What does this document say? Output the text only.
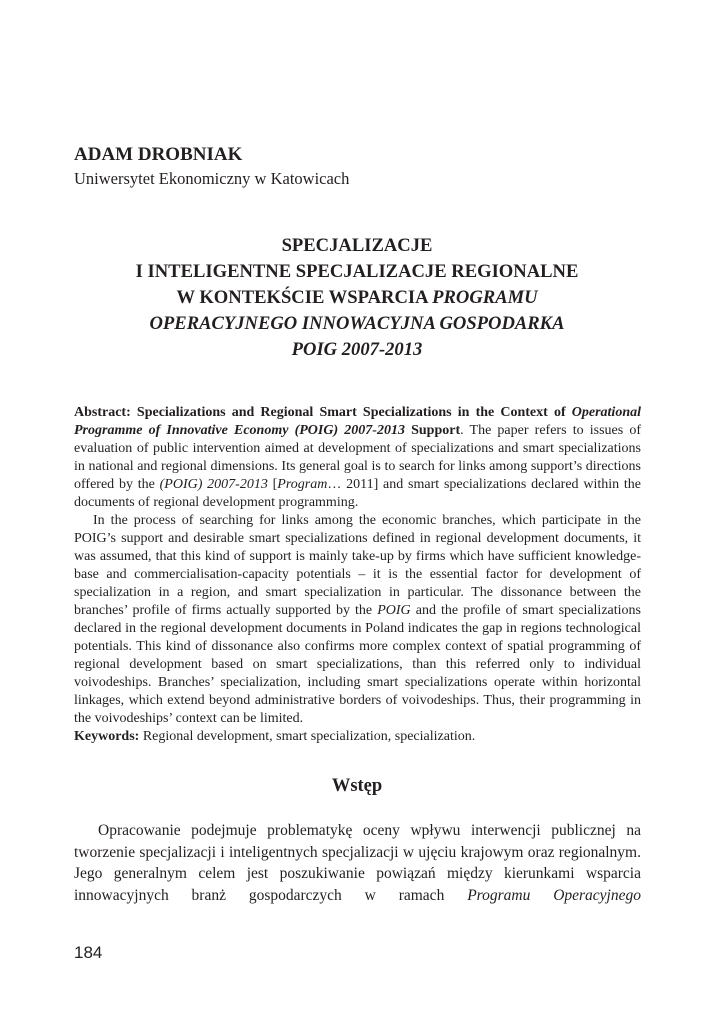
ADAM DROBNIAK
Uniwersytet Ekonomiczny w Katowicach
SPECJALIZACJE
I INTELIGENTNE SPECJALIZACJE REGIONALNE
W KONTEKŚCIE WSPARCIA PROGRAMU
OPERACYJNEGO INNOWACYJNA GOSPODARKA
POIG 2007-2013

Abstract: Specializations and Regional Smart Specializations in the Context of Operational Programme of Innovative Economy (POIG) 2007-2013 Support. The paper refers to issues of evaluation of public intervention aimed at development of specializations and smart specializations in national and regional dimensions. Its general goal is to search for links among support’s directions offered by the (POIG) 2007-2013 [Program… 2011] and smart specializations declared within the documents of regional development programming.

In the process of searching for links among the economic branches, which participate in the POIG’s support and desirable smart specializations defined in regional development documents, it was assumed, that this kind of support is mainly take-up by firms which have sufficient knowledge-base and commercialisation-capacity potentials – it is the essential factor for development of specialization in a region, and smart specialization in particular. The dissonance between the branches’ profile of firms actually supported by the POIG and the profile of smart specializations declared in the regional development documents in Poland indicates the gap in regions technological potentials. This kind of dissonance also confirms more complex context of spatial programming of regional development based on smart specializations, than this referred only to individual voivodeships. Branches’ specialization, including smart specializations operate within horizontal linkages, which extend beyond administrative borders of voivodeships. Thus, their programming in the voivodeships’ context can be limited.

Keywords: Regional development, smart specialization, specialization.

Wstęp

Opracowanie podejmuje problematykę oceny wpływu interwencji publicznej na tworzenie specjalizacji i inteligentnych specjalizacji w ujęciu krajowym oraz regionalnym. Jego generalnym celem jest poszukiwanie powiązań między kierunkami wsparcia innowacyjnych branż gospodarczych w ramach Programu Operacyjnego

184
